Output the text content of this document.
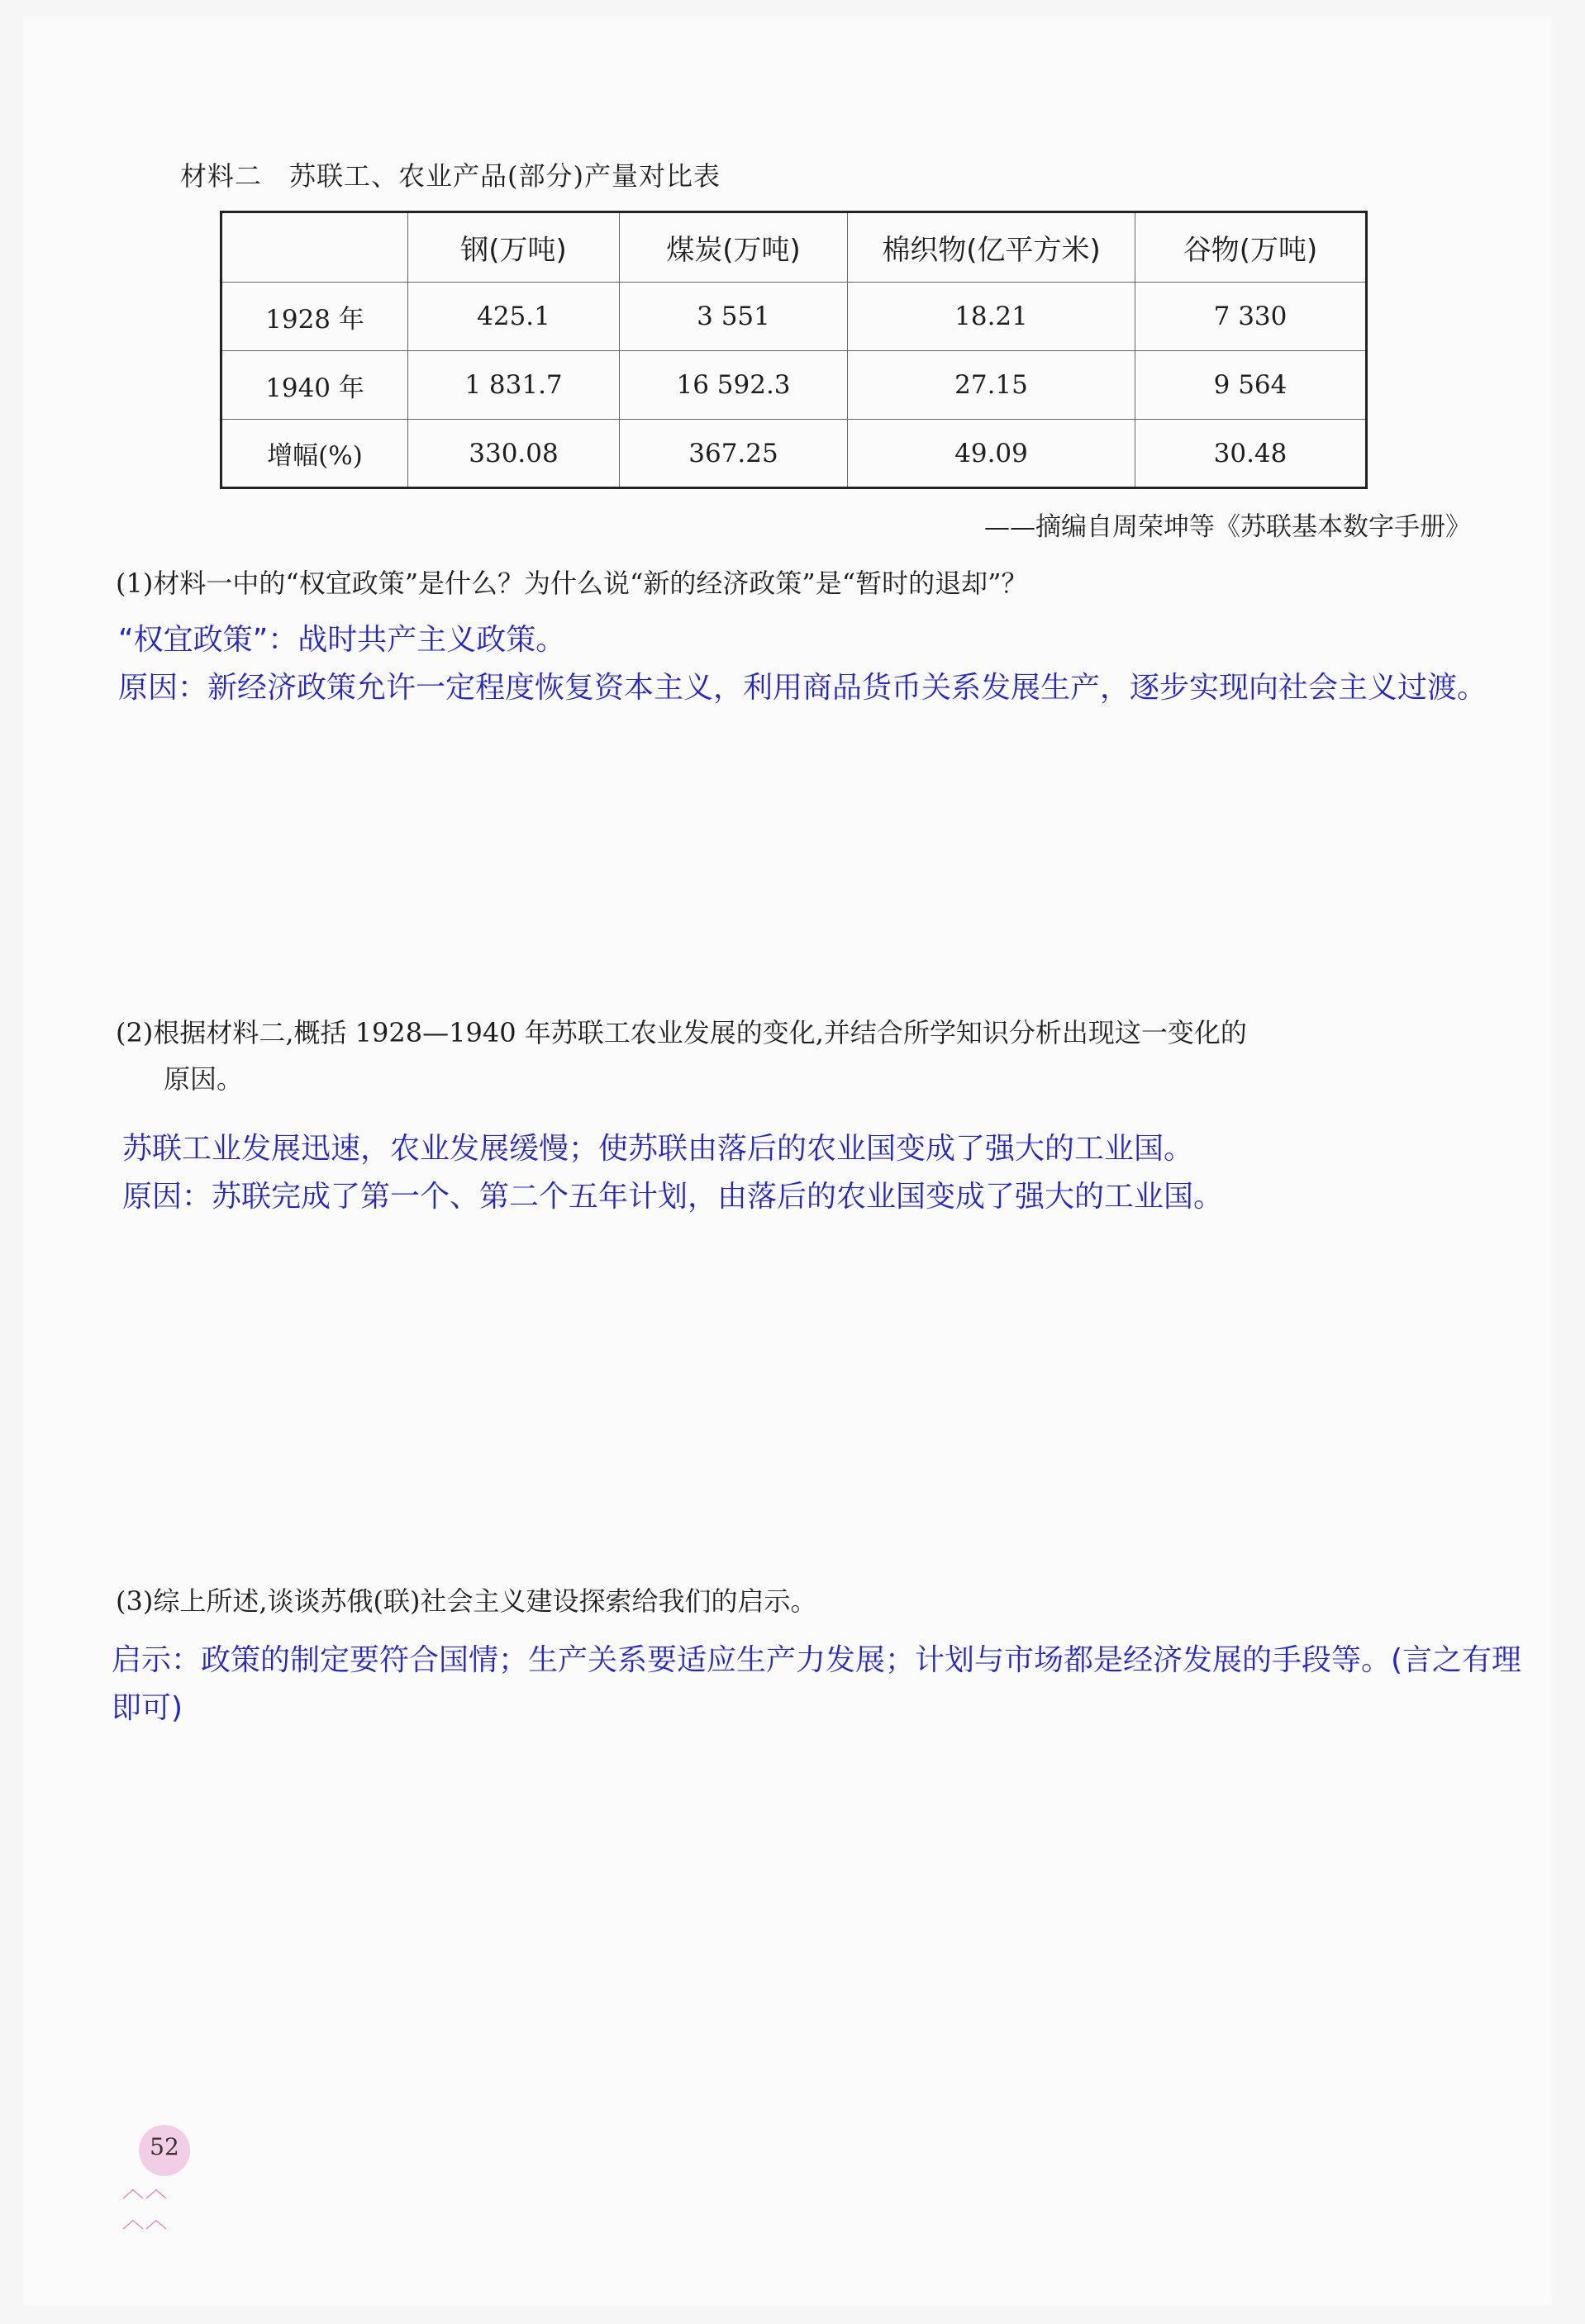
材料二　苏联工、农业产品(部分)产量对比表
	钢(万吨)	煤炭(万吨)	棉织物(亿平方米)	谷物(万吨)
1928 年	425.1	3 551	18.21	7 330
1940 年	1 831.7	16 592.3	27.15	9 564
增幅(%)	330.08	367.25	49.09	30.48
——摘编自周荣坤等《苏联基本数字手册》
(1)材料一中的“权宜政策”是什么？为什么说“新的经济政策”是“暂时的退却”？
“权宜政策”：战时共产主义政策。
原因：新经济政策允许一定程度恢复资本主义，利用商品货币关系发展生产，逐步实现向社会主义过渡。
(2)根据材料二,概括 1928—1940 年苏联工农业发展的变化,并结合所学知识分析出现这一变化的
原因。
苏联工业发展迅速，农业发展缓慢；使苏联由落后的农业国变成了强大的工业国。
原因：苏联完成了第一个、第二个五年计划，由落后的农业国变成了强大的工业国。
(3)综上所述,谈谈苏俄(联)社会主义建设探索给我们的启示。
启示：政策的制定要符合国情；生产关系要适应生产力发展；计划与市场都是经济发展的手段等。(言之有理即可)
52
︿︿ ︿︿
